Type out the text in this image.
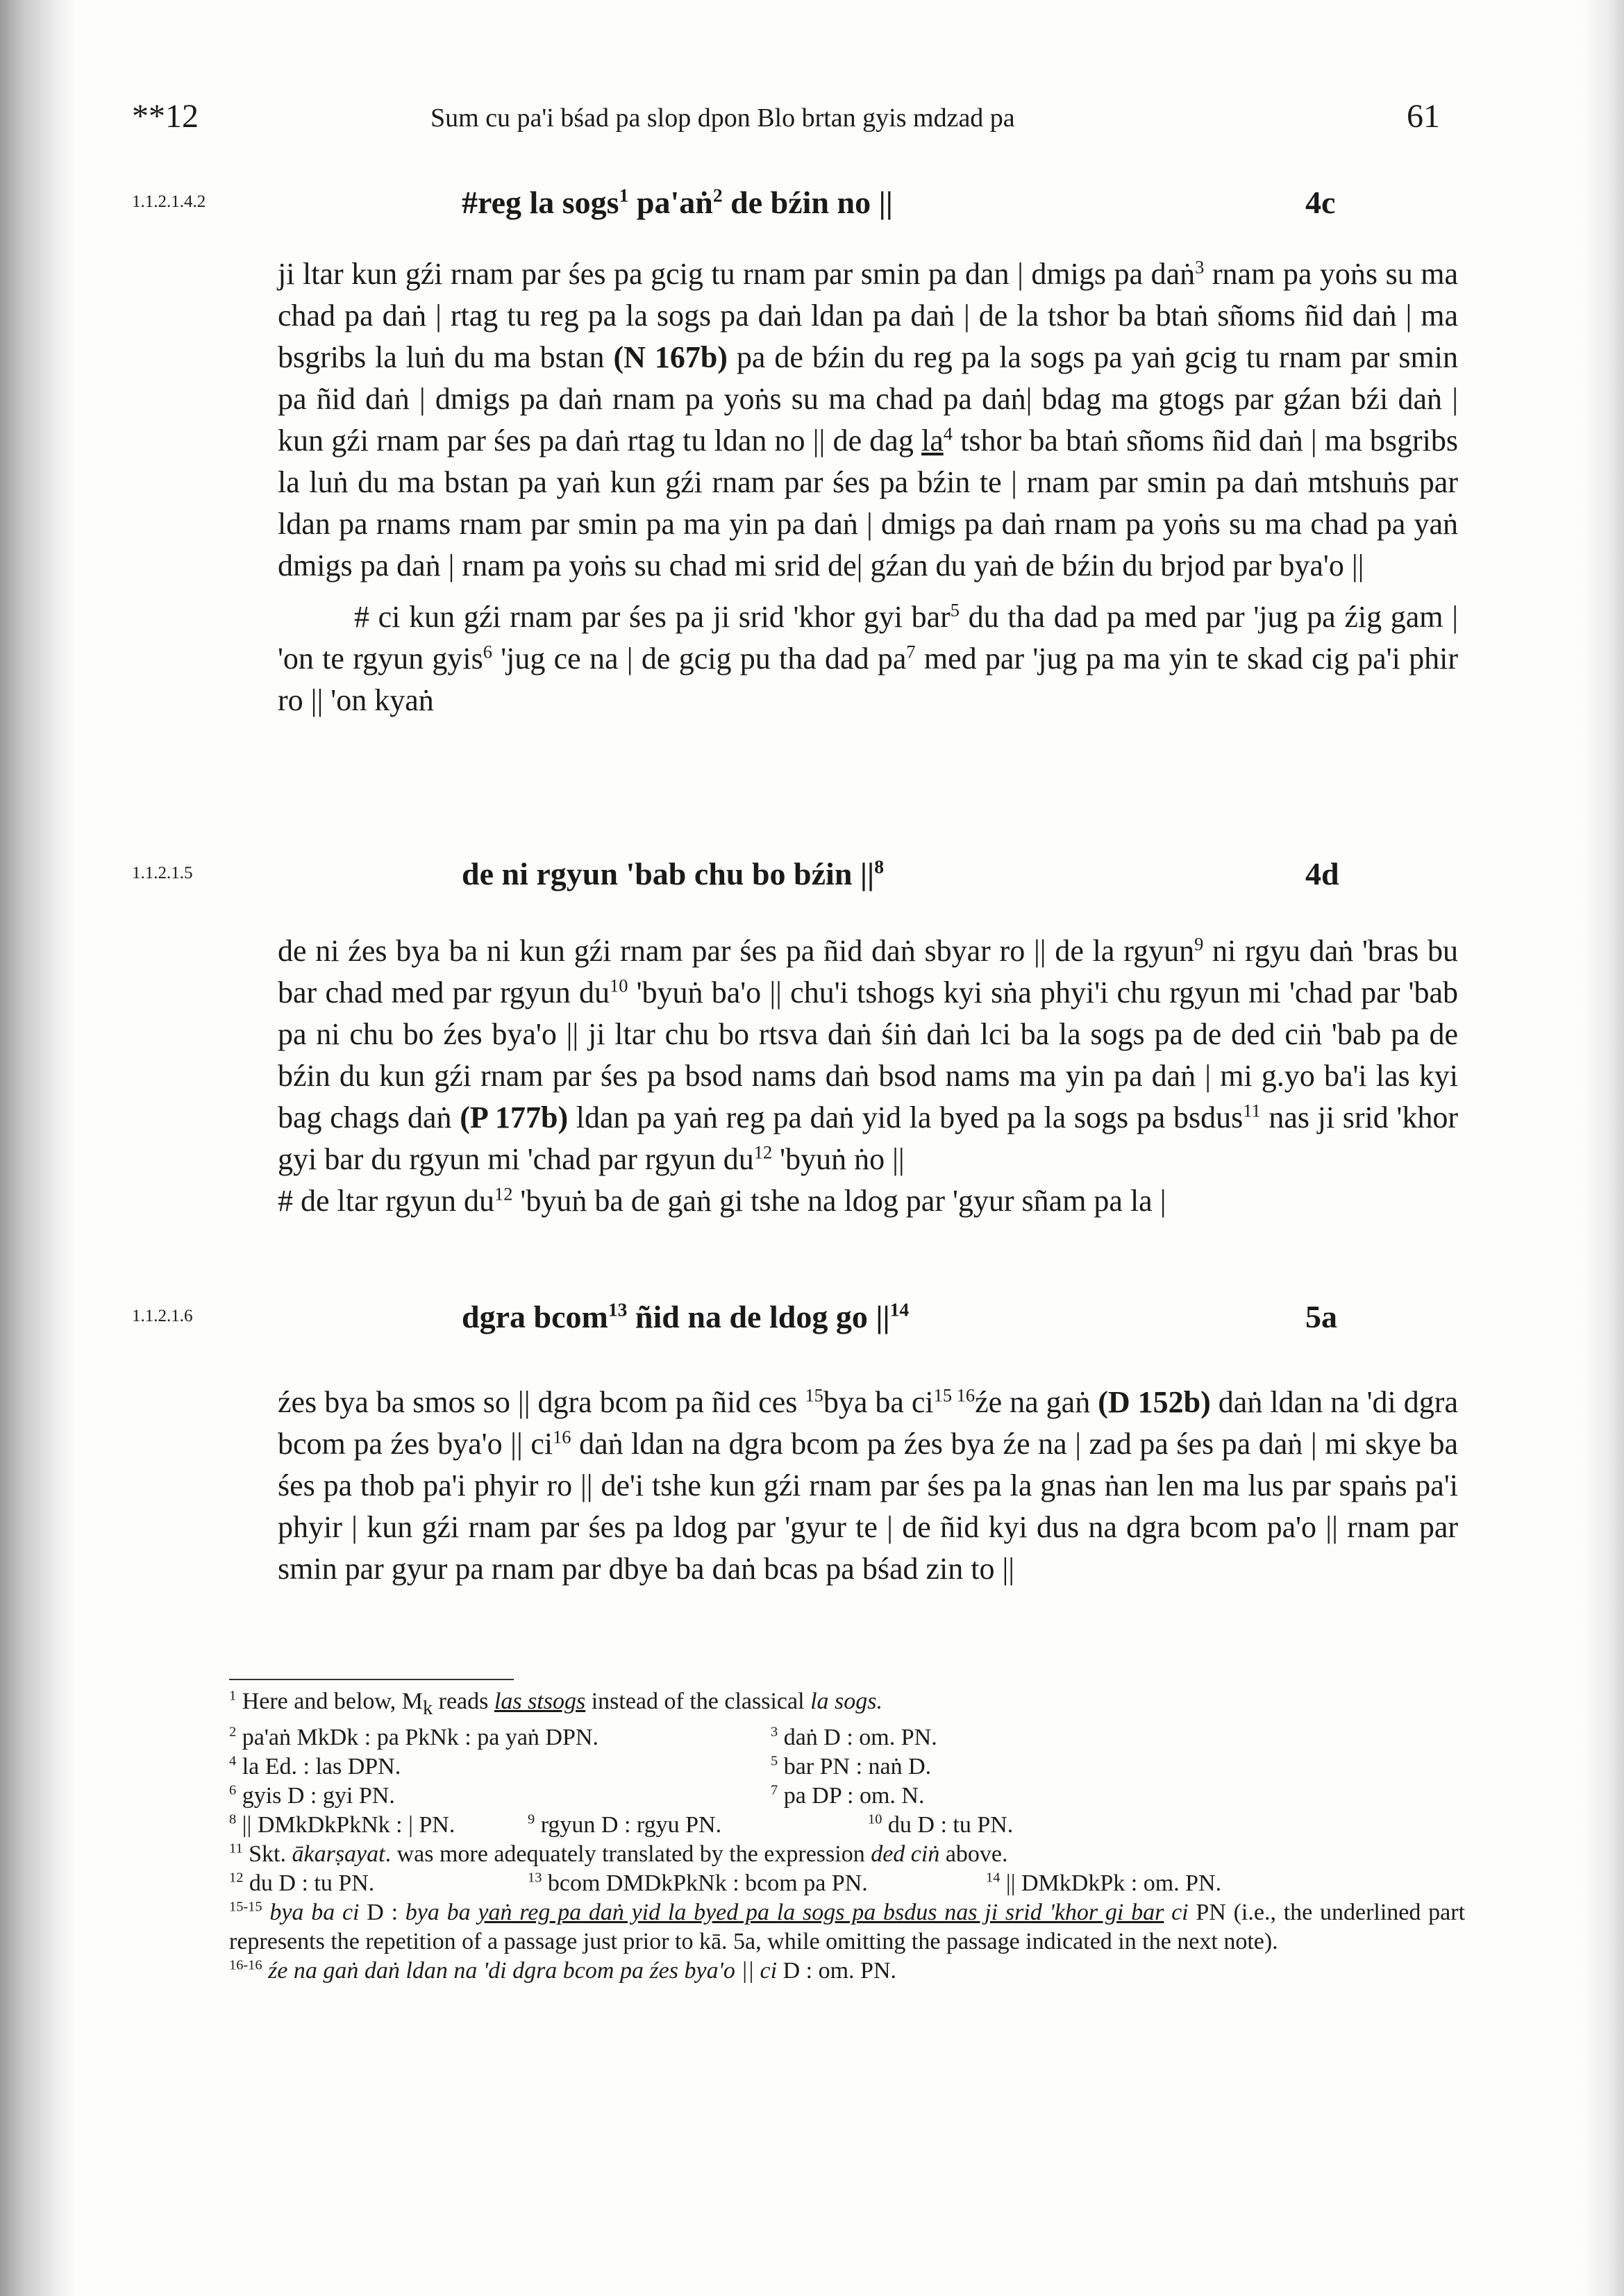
**12	Sum cu pa'i bśad pa slop dpon Blo brtan gyis mdzad pa	61
1.1.2.1.4.2	#reg la sogs$^1$ pa'aṅ$^2$ de bźin no ||	4c

ji ltar kun gźi rnam par śes pa gcig tu rnam par smin pa dan | dmigs pa daṅ$^3$ rnam pa yoṅs su ma chad pa daṅ | rtag tu reg pa la sogs pa daṅ ldan pa daṅ | de la tshor ba btaṅ sñoms ñid daṅ | ma bsgribs la luṅ du ma bstan (N 167b) pa de bźin du reg pa la sogs pa yaṅ gcig tu rnam par smin pa ñid daṅ | dmigs pa daṅ rnam pa yoṅs su ma chad pa daṅ| bdag ma gtogs par gźan bźi daṅ | kun gźi rnam par śes pa daṅ rtag tu ldan no || de dag $la^4$ tshor ba btaṅ sñoms ñid daṅ | ma bsgribs la luṅ du ma bstan pa yaṅ kun gźi rnam par śes pa bźin te | rnam par smin pa daṅ mtshuṅs par ldan pa rnams rnam par smin pa ma yin pa daṅ | dmigs pa daṅ rnam pa yoṅs su ma chad pa yaṅ dmigs pa daṅ | rnam pa yoṅs su chad mi srid de| gźan du yaṅ de bźin du brjod par bya'o ||

# ci kun gźi rnam par śes pa ji srid 'khor gyi bar$^5$ du tha dad pa med par 'jug pa źig gam | 'on te rgyun gyis$^6$ 'jug ce na | de gcig pu tha dad $pa^7$ med par 'jug pa ma yin te skad cig pa'i phir ro || 'on kyaṅ

1.1.2.1.5	de ni rgyun 'bab chu bo bźin $||^8$	4d

de ni źes bya ba ni kun gźi rnam par śes pa ñid daṅ sbyar ro || de la rgyun$^9$ ni rgyu daṅ 'bras bu bar chad med par rgyun $du^{10}$ 'byuṅ ba'o || chu'i tshogs kyi sṅa phyi'i chu rgyun mi 'chad par 'bab pa ni chu bo źes bya'o || ji ltar chu bo rtsva daṅ śiṅ daṅ lci ba la sogs pa de ded ciṅ 'bab pa de bźin du kun gźi rnam par śes pa bsod nams daṅ bsod nams ma yin pa daṅ | mi g.yo ba'i las kyi bag chags daṅ (P 177b) ldan pa yaṅ reg pa daṅ yid la byed pa la sogs pa bsdus$^{11}$ nas ji srid 'khor gyi bar du rgyun mi 'chad par rgyun $du^{12}$ 'byuṅ ṅo ||

# de ltar rgyun $du^{12}$ 'byuṅ ba de gaṅ gi tshe na ldog par 'gyur sñam pa la |

1.1.2.1.6	dgra bcom$^{13}$ ñid na de ldog go $||^{14}$	5a

źes bya ba smos so || dgra bcom pa ñid ces $^{15}$bya ba $ci^{15}$ $^{16}$źe na gaṅ (D 152b) daṅ ldan na 'di dgra bcom pa źes bya'o || $ci^{16}$ daṅ ldan na dgra bcom pa źes bya źe na | zad pa śes pa daṅ | mi skye ba śes pa thob pa'i phyir ro || de'i tshe kun gźi rnam par śes pa la gnas ṅan len ma lus par spaṅs pa'i phyir | kun gźi rnam par śes pa ldog par 'gyur te | de ñid kyi dus na dgra bcom pa'o || rnam par smin par gyur pa rnam par dbye ba daṅ bcas pa bśad zin to ||

$^1$ Here and below, $M_k$ reads las stsogs instead of the classical la sogs.

$^2$ pa'aṅ MkDk : pa PkNk : pa yaṅ DPN.	$^3$ daṅ D : om. PN.
$^4$ la Ed. : las DPN.	$^5$ bar PN : naṅ D.
$^6$ gyis D : gyi PN.	$^7$ pa DP : om. N.
$^8$ || DMkDkPkNk : | PN.	$^9$ rgyun D : rgyu PN.	$^{10}$ du D : tu PN.

$^{11}$ Skt. ākarṣayat. was more adequately translated by the expression ded ciṅ above.

$^{12}$ du D : tu PN.	$^{13}$ bcom DMDkPkNk : bcom pa PN.	$^{14}$ || DMkDkPk : om. PN.

$^{15-15}$ bya ba ci D : bya ba yaṅ reg pa daṅ yid la byed pa la sogs pa bsdus nas ji srid 'khor gi bar ci PN (i.e., the underlined part represents the repetition of a passage just prior to kā. 5a, while omitting the passage indicated in the next note).

$^{16-16}$ źe na gaṅ daṅ ldan na 'di dgra bcom pa źes bya'o || ci D : om. PN.
